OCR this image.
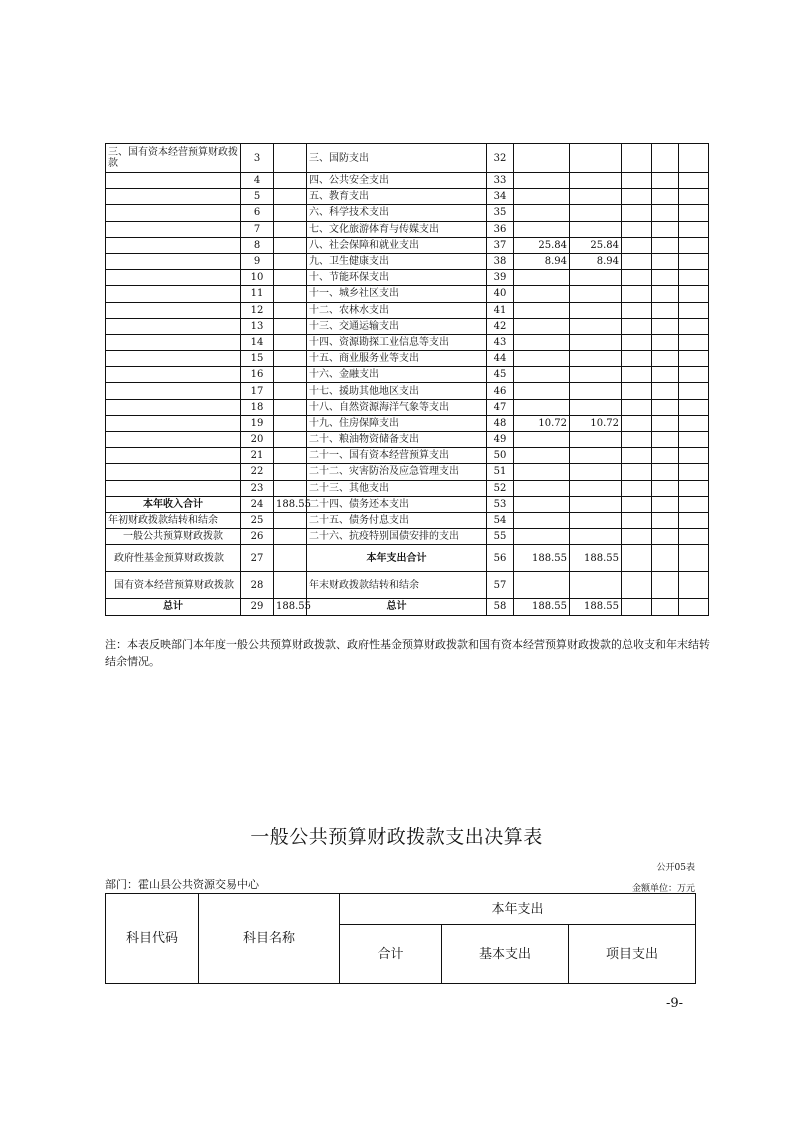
三、国有资本经营预算财政拨款	3		三、国防支出	32					
	4		四、公共安全支出	33					
	5		五、教育支出	34					
	6		六、科学技术支出	35					
	7		七、文化旅游体育与传媒支出	36					
	8		八、社会保障和就业支出	37	25.84	25.84			
	9		九、卫生健康支出	38	8.94	8.94			
	10		十、节能环保支出	39					
	11		十一、城乡社区支出	40					
	12		十二、农林水支出	41					
	13		十三、交通运输支出	42					
	14		十四、资源勘探工业信息等支出	43					
	15		十五、商业服务业等支出	44					
	16		十六、金融支出	45					
	17		十七、援助其他地区支出	46					
	18		十八、自然资源海洋气象等支出	47					
	19		十九、住房保障支出	48	10.72	10.72			
	20		二十、粮油物资储备支出	49					
	21		二十一、国有资本经营预算支出	50					
	22		二十二、灾害防治及应急管理支出	51					
	23		二十三、其他支出	52					
本年收入合计	24	188.55	二十四、债务还本支出	53					
年初财政拨款结转和结余	25		二十五、债务付息支出	54					
一般公共预算财政拨款	26		二十六、抗疫特别国债安排的支出	55					
政府性基金预算财政拨款	27		本年支出合计	56	188.55	188.55			
国有资本经营预算财政拨款	28		年末财政拨款结转和结余	57					
总计	29	188.55	总计	58	188.55	188.55			
注：本表反映部门本年度一般公共预算财政拨款、政府性基金预算财政拨款和国有资本经营预算财政拨款的总收支和年末结转结余情况。
一般公共预算财政拨款支出决算表
公开05表
部门：霍山县公共资源交易中心	金额单位：万元
科目代码	科目名称	本年支出		
		合计	基本支出	项目支出
-9-
